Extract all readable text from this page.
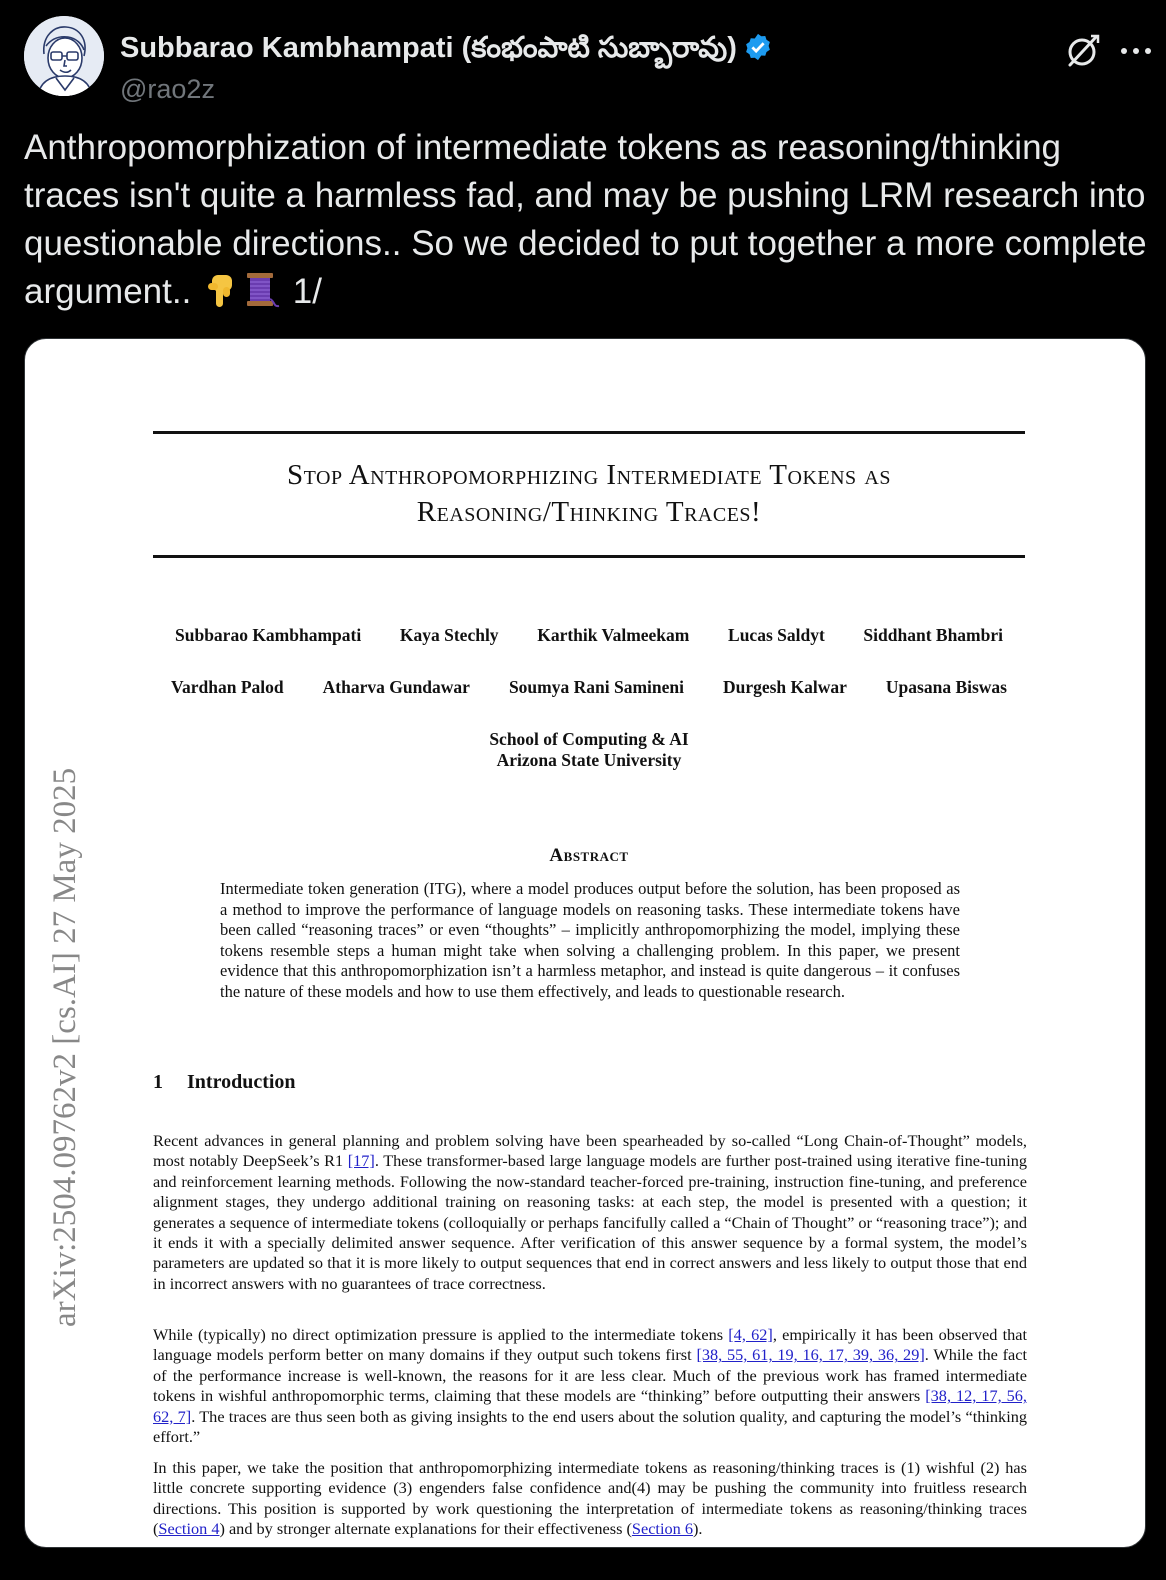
Subbarao Kambhampati (కంభంపాటి సుబ్బారావు)
@rao2z
Anthropomorphization of intermediate tokens as reasoning/thinking traces isn't quite a harmless fad, and may be pushing LRM research into questionable directions.. So we decided to put together a more complete argument..	1/
arXiv:2504.09762v2 [cs.AI] 27 May 2025
Stop Anthropomorphizing Intermediate Tokens as
Reasoning/Thinking Traces!
Subbarao Kambhampati Kaya Stechly Karthik Valmeekam Lucas Saldyt Siddhant Bhambri
Vardhan Palod Atharva Gundawar Soumya Rani Samineni Durgesh Kalwar Upasana Biswas
School of Computing & AI
Arizona State University
Abstract
Intermediate token generation (ITG), where a model produces output before the solution, has been proposed as a method to improve the performance of language models on reasoning tasks. These intermediate tokens have been called “reasoning traces” or even “thoughts” – implicitly anthropomorphizing the model, implying these tokens resemble steps a human might take when solving a challenging problem. In this paper, we present evidence that this anthropomorphization isn’t a harmless metaphor, and instead is quite dangerous – it confuses the nature of these models and how to use them effectively, and leads to questionable research.
1 Introduction
Recent advances in general planning and problem solving have been spearheaded by so-called “Long Chain-of-Thought” models, most notably DeepSeek’s R1 [17]. These transformer-based large language models are further post-trained using iterative fine-tuning and reinforcement learning methods. Following the now-standard teacher-forced pre-training, instruction fine-tuning, and preference alignment stages, they undergo additional training on reasoning tasks: at each step, the model is presented with a question; it generates a sequence of intermediate tokens (colloquially or perhaps fancifully called a “Chain of Thought” or “reasoning trace”); and it ends it with a specially delimited answer sequence. After verification of this answer sequence by a formal system, the model’s parameters are updated so that it is more likely to output sequences that end in correct answers and less likely to output those that end in incorrect answers with no guarantees of trace correctness.
While (typically) no direct optimization pressure is applied to the intermediate tokens [4, 62], empirically it has been observed that language models perform better on many domains if they output such tokens first [38, 55, 61, 19, 16, 17, 39, 36, 29]. While the fact of the performance increase is well-known, the reasons for it are less clear. Much of the previous work has framed intermediate tokens in wishful anthropomorphic terms, claiming that these models are “thinking” before outputting their answers [38, 12, 17, 56, 62, 7]. The traces are thus seen both as giving insights to the end users about the solution quality, and capturing the model’s “thinking effort.”
In this paper, we take the position that anthropomorphizing intermediate tokens as reasoning/thinking traces is (1) wishful (2) has little concrete supporting evidence (3) engenders false confidence and(4) may be pushing the community into fruitless research directions. This position is supported by work questioning the interpretation of intermediate tokens as reasoning/thinking traces (Section 4) and by stronger alternate explanations for their effectiveness (Section 6).
